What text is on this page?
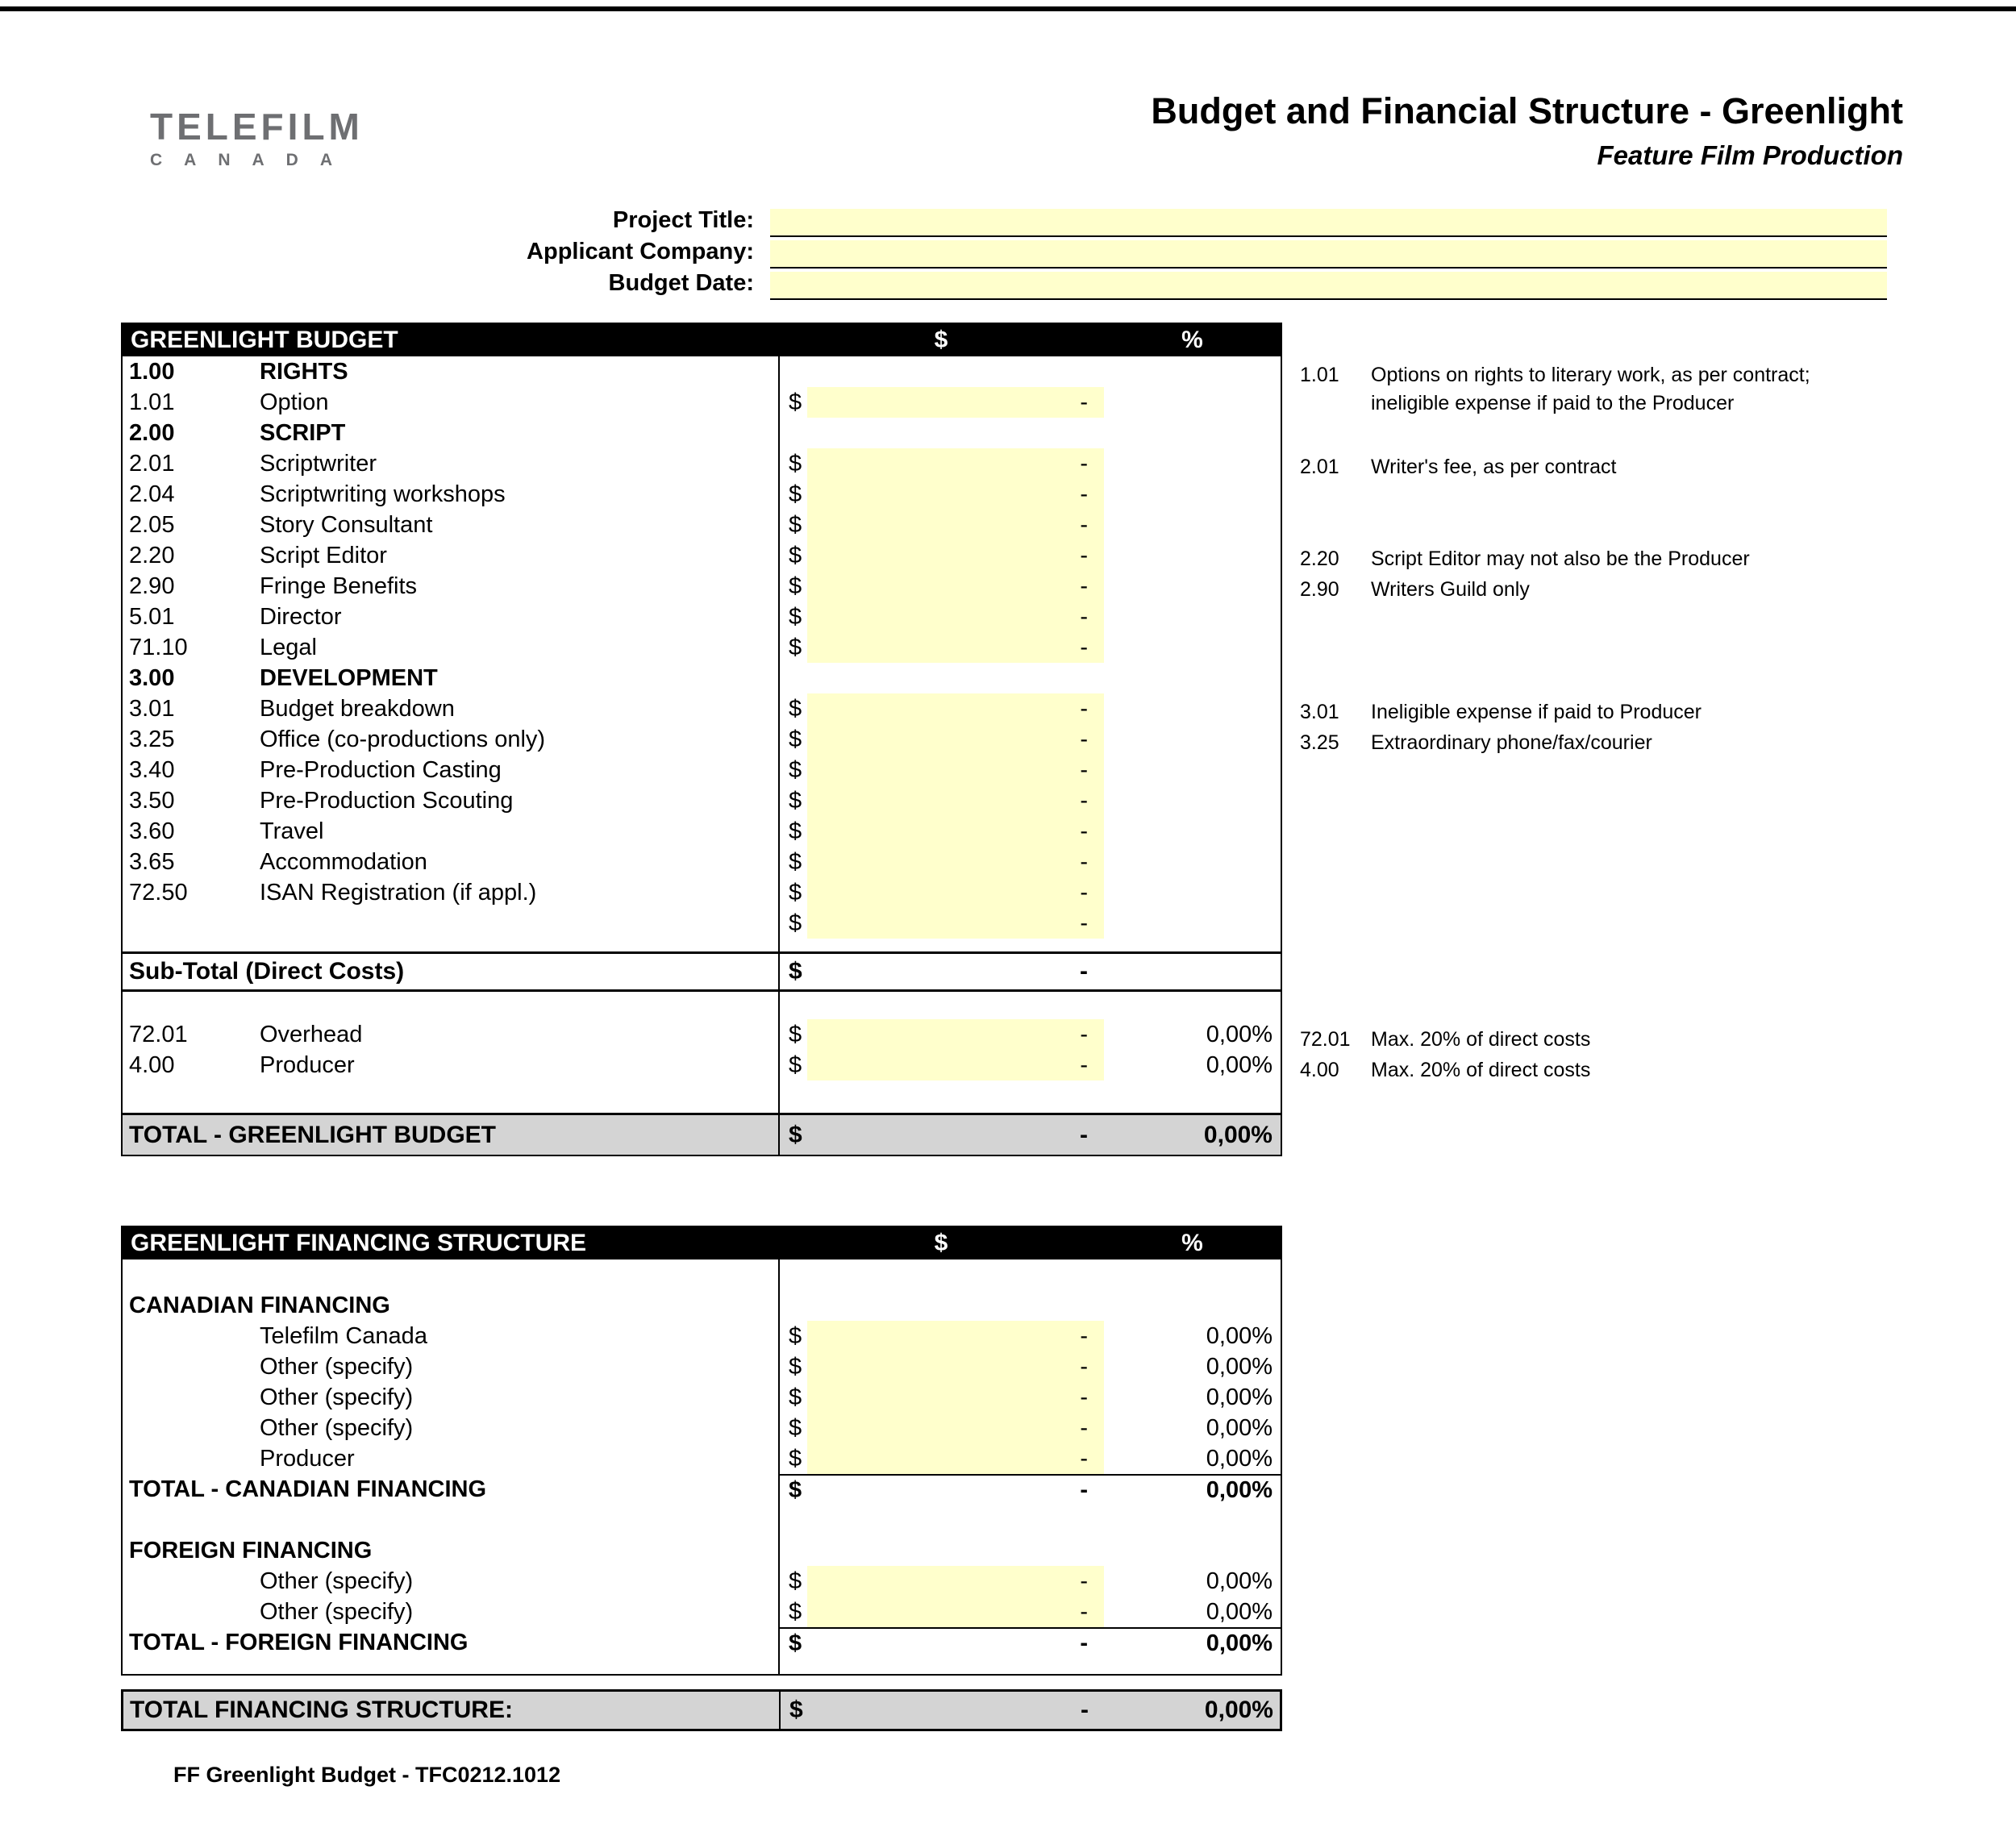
TELEFILM
CANADA
Budget and Financial Structure - Greenlight
Feature Film Production
Project Title:
Applicant Company:
Budget Date:
GREENLIGHT BUDGET	$	%
1.00	RIGHTS
1.01	Option	$	-
2.00	SCRIPT
2.01	Scriptwriter	$	-
2.04	Scriptwriting workshops	$	-
2.05	Story Consultant	$	-
2.20	Script Editor	$	-
2.90	Fringe Benefits	$	-
5.01	Director	$	-
71.10	Legal	$	-
3.00	DEVELOPMENT
3.01	Budget breakdown	$	-
3.25	Office (co-productions only)	$	-
3.40	Pre-Production Casting	$	-
3.50	Pre-Production Scouting	$	-
3.60	Travel	$	-
3.65	Accommodation	$	-
72.50	ISAN Registration (if appl.)	$	-
$	-
Sub-Total (Direct Costs)	$	-
72.01	Overhead	$	-	0,00%
4.00	Producer	$	-	0,00%
TOTAL - GREENLIGHT BUDGET	$	-	0,00%
1.01	Options on rights to literary work, as per contract;
ineligible expense if paid to the Producer
2.01	Writer's fee, as per contract
2.20	Script Editor may not also be the Producer
2.90	Writers Guild only
3.01	Ineligible expense if paid to Producer
3.25	Extraordinary phone/fax/courier
72.01	Max. 20% of direct costs
4.00	Max. 20% of direct costs
GREENLIGHT FINANCING STRUCTURE	$	%
CANADIAN FINANCING
Telefilm Canada	$	-	0,00%
Other (specify)	$	-	0,00%
Other (specify)	$	-	0,00%
Other (specify)	$	-	0,00%
Producer	$	-	0,00%
TOTAL - CANADIAN FINANCING	$	-	0,00%
FOREIGN FINANCING
Other (specify)	$	-	0,00%
Other (specify)	$	-	0,00%
TOTAL - FOREIGN FINANCING	$	-	0,00%
TOTAL FINANCING STRUCTURE:	$	-	0,00%
FF Greenlight Budget - TFC0212.1012
